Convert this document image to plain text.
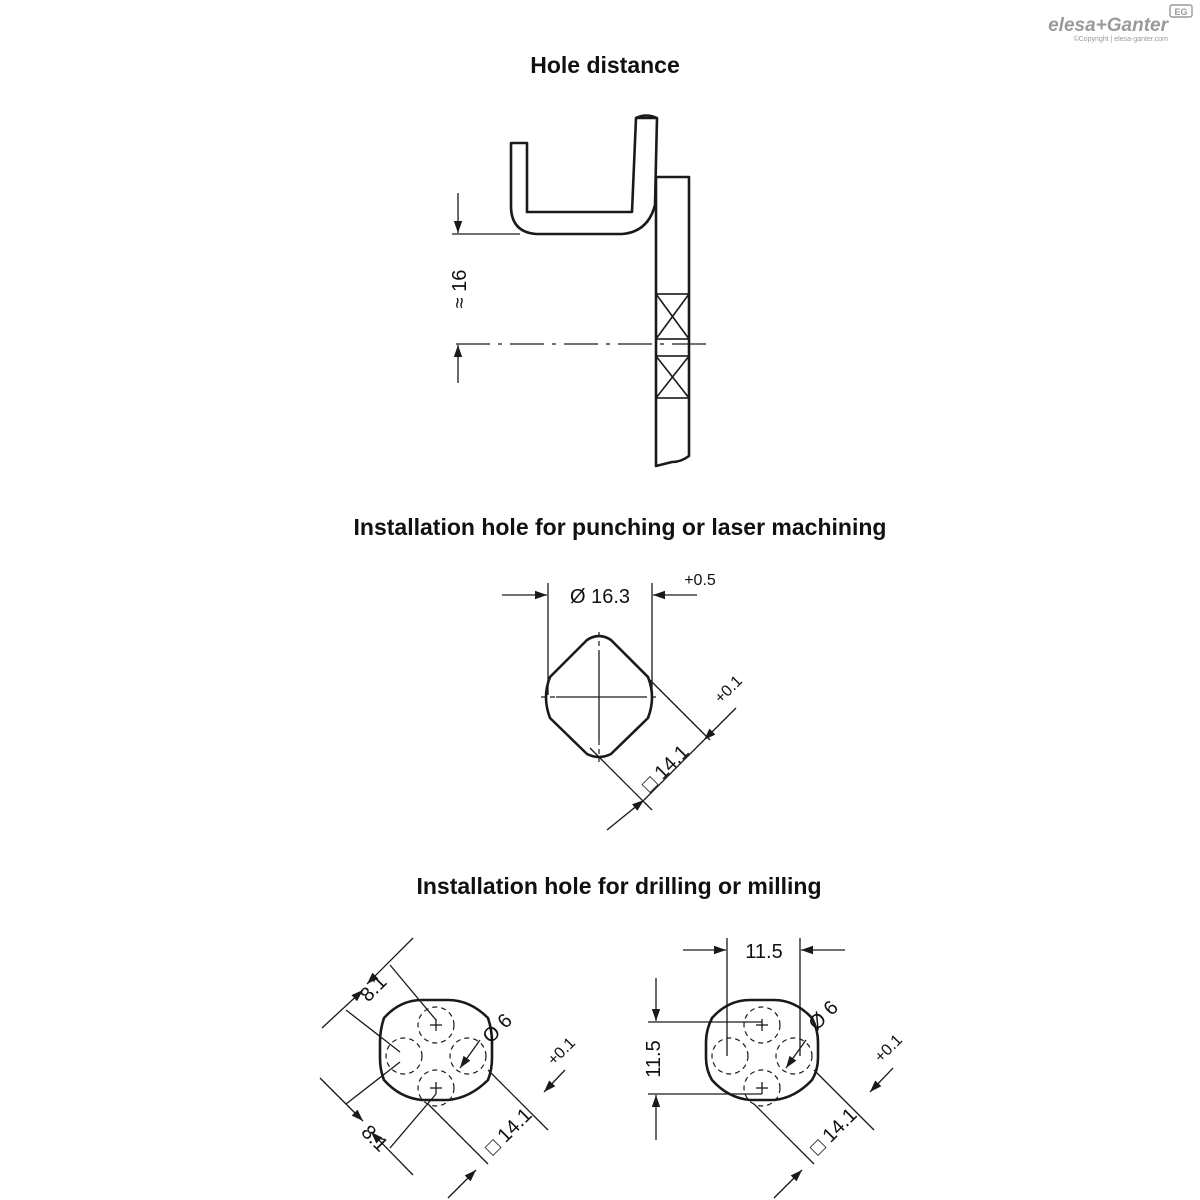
elesa+Ganter
EG
©Copyright | elesa-ganter.com
Hole distance
≈ 16
Installation hole for punching or laser machining
Ø 16.3
+0.5
□ 14.1
+0.1
Installation hole for drilling or milling
8.1
8.1
Ø 6
□ 14.1
+0.1
11.5
11.5
Ø 6
□ 14.1
+0.1
